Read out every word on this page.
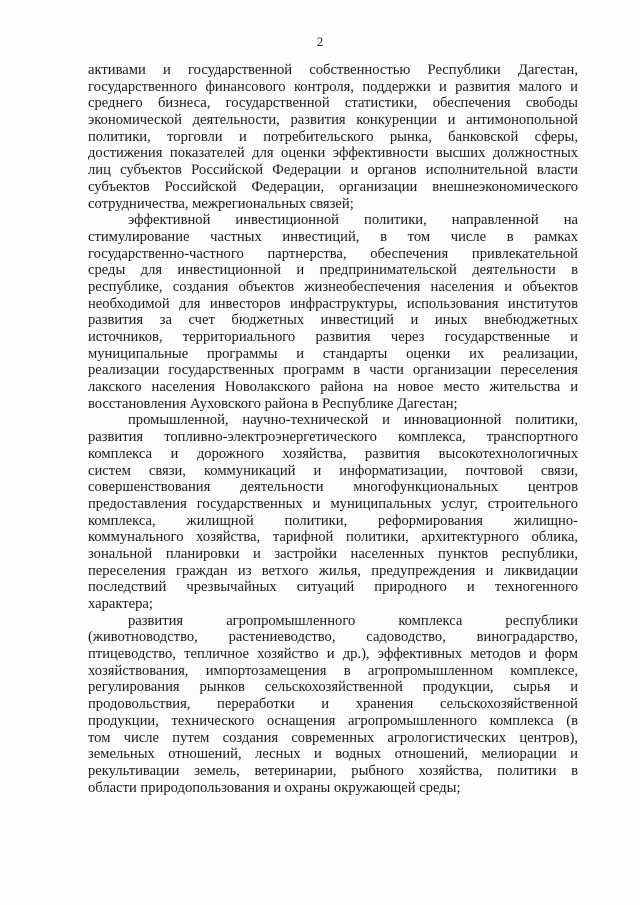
2
активами и государственной собственностью Республики Дагестан,
государственного финансового контроля, поддержки и развития малого и
среднего бизнеса, государственной статистики, обеспечения свободы
экономической деятельности, развития конкуренции и антимонопольной
политики, торговли и потребительского рынка, банковской сферы,
достижения показателей для оценки эффективности высших должностных
лиц субъектов Российской Федерации и органов исполнительной власти
субъектов Российской Федерации, организации внешнеэкономического
сотрудничества, межрегиональных связей;
эффективной инвестиционной политики, направленной на
стимулирование частных инвестиций, в том числе в рамках
государственно-частного партнерства, обеспечения привлекательной
среды для инвестиционной и предпринимательской деятельности в
республике, создания объектов жизнеобеспечения населения и объектов
необходимой для инвесторов инфраструктуры, использования институтов
развития за счет бюджетных инвестиций и иных внебюджетных
источников, территориального развития через государственные и
муниципальные программы и стандарты оценки их реализации,
реализации государственных программ в части организации переселения
лакского населения Новолакского района на новое место жительства и
восстановления Ауховского района в Республике Дагестан;
промышленной, научно-технической и инновационной политики,
развития топливно-электроэнергетического комплекса, транспортного
комплекса и дорожного хозяйства, развития высокотехнологичных
систем связи, коммуникаций и информатизации, почтовой связи,
совершенствования деятельности многофункциональных центров
предоставления государственных и муниципальных услуг, строительного
комплекса, жилищной политики, реформирования жилищно-
коммунального хозяйства, тарифной политики, архитектурного облика,
зональной планировки и застройки населенных пунктов республики,
переселения граждан из ветхого жилья, предупреждения и ликвидации
последствий чрезвычайных ситуаций природного и техногенного
характера;
развития агропромышленного комплекса республики
(животноводство, растениеводство, садоводство, виноградарство,
птицеводство, тепличное хозяйство и др.), эффективных методов и форм
хозяйствования, импортозамещения в агропромышленном комплексе,
регулирования рынков сельскохозяйственной продукции, сырья и
продовольствия, переработки и хранения сельскохозяйственной
продукции, технического оснащения агропромышленного комплекса (в
том числе путем создания современных агрологистических центров),
земельных отношений, лесных и водных отношений, мелиорации и
рекультивации земель, ветеринарии, рыбного хозяйства, политики в
области природопользования и охраны окружающей среды;
